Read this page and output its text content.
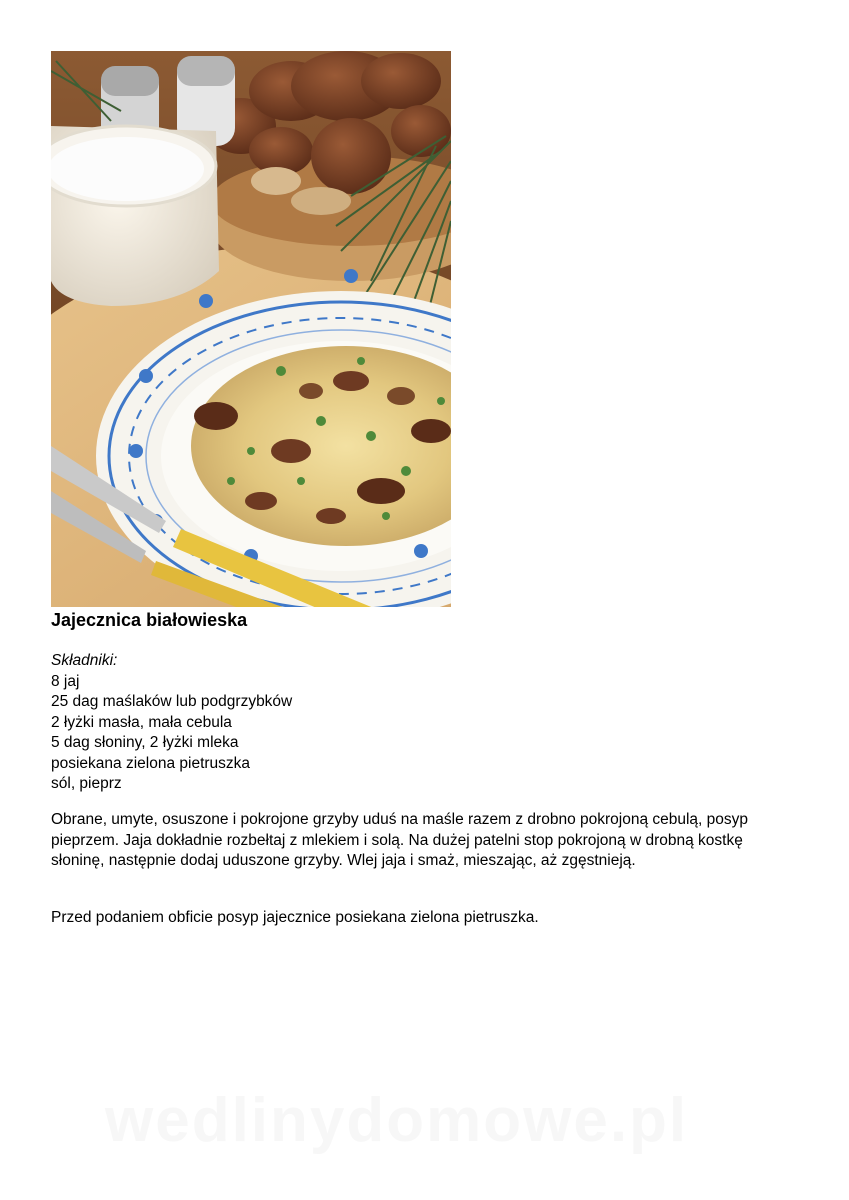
Jajecznica białowieska
Składniki:
8 jaj
25 dag maślaków lub podgrzybków
2 łyżki masła, mała cebula
5 dag słoniny, 2 łyżki mleka
posiekana zielona pietruszka
sól, pieprz

Obrane, umyte, osuszone i pokrojone grzyby uduś na maśle razem z drobno pokrojoną cebulą, posyp pieprzem. Jaja dokładnie rozbełtaj z mlekiem i solą. Na dużej patelni stop pokrojoną w drobną kostkę słoninę, następnie dodaj uduszone grzyby. Wlej jaja i smaż, mieszając, aż zgęstnieją.

Przed podaniem obficie posyp jajecznice posiekana zielona pietruszka.

wedlinydomowe.pl
